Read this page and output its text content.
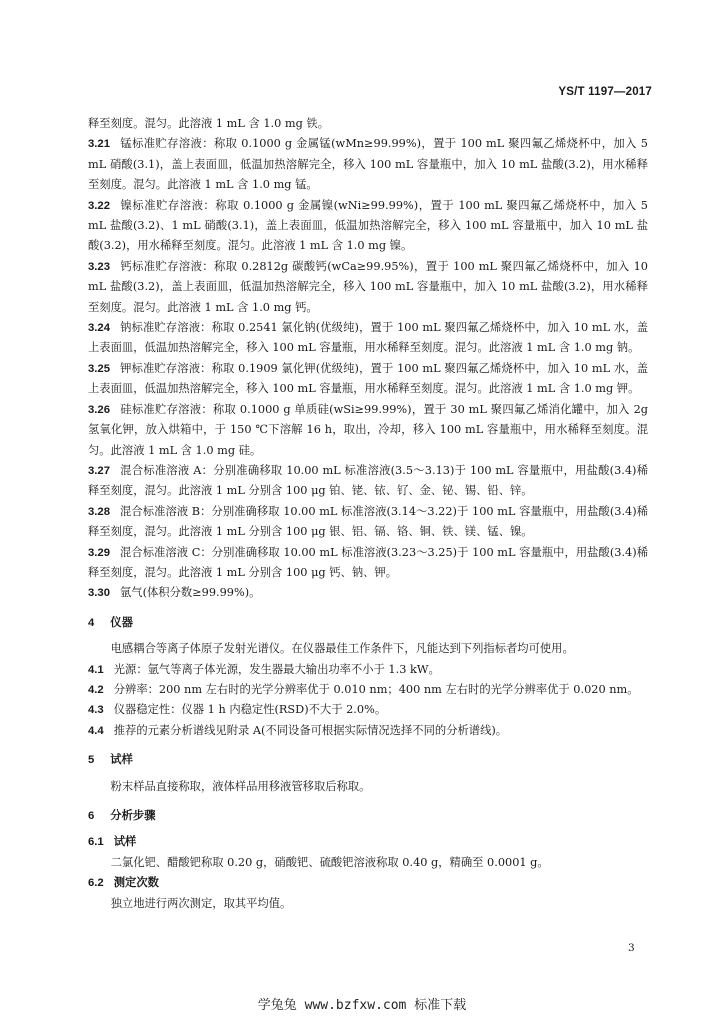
YS/T 1197—2017

释至刻度。混匀。此溶液 1 mL 含 1.0 mg 铁。

3.21 锰标准贮存溶液：称取 0.1000 g 金属锰(wMn≥99.99%)，置于 100 mL 聚四氟乙烯烧杯中，加入 5 mL 硝酸(3.1)，盖上表面皿，低温加热溶解完全，移入 100 mL 容量瓶中，加入 10 mL 盐酸(3.2)，用水稀释至刻度。混匀。此溶液 1 mL 含 1.0 mg 锰。

3.22 镍标准贮存溶液：称取 0.1000 g 金属镍(wNi≥99.99%)，置于 100 mL 聚四氟乙烯烧杯中，加入 5 mL 盐酸(3.2)、1 mL 硝酸(3.1)，盖上表面皿，低温加热溶解完全，移入 100 mL 容量瓶中，加入 10 mL 盐酸(3.2)，用水稀释至刻度。混匀。此溶液 1 mL 含 1.0 mg 镍。

3.23 钙标准贮存溶液：称取 0.2812g 碳酸钙(wCa≥99.95%)，置于 100 mL 聚四氟乙烯烧杯中，加入 10 mL 盐酸(3.2)，盖上表面皿，低温加热溶解完全，移入 100 mL 容量瓶中，加入 10 mL 盐酸(3.2)，用水稀释至刻度。混匀。此溶液 1 mL 含 1.0 mg 钙。

3.24 钠标准贮存溶液：称取 0.2541 氯化钠(优级纯)，置于 100 mL 聚四氟乙烯烧杯中，加入 10 mL 水，盖上表面皿，低温加热溶解完全，移入 100 mL 容量瓶，用水稀释至刻度。混匀。此溶液 1 mL 含 1.0 mg 钠。

3.25 钾标准贮存溶液：称取 0.1909 氯化钾(优级纯)，置于 100 mL 聚四氟乙烯烧杯中，加入 10 mL 水，盖上表面皿，低温加热溶解完全，移入 100 mL 容量瓶，用水稀释至刻度。混匀。此溶液 1 mL 含 1.0 mg 钾。

3.26 硅标准贮存溶液：称取 0.1000 g 单质硅(wSi≥99.99%)，置于 30 mL 聚四氟乙烯消化罐中，加入 2g 氢氧化钾，放入烘箱中，于 150 ℃下溶解 16 h，取出，冷却，移入 100 mL 容量瓶中，用水稀释至刻度。混匀。此溶液 1 mL 含 1.0 mg 硅。

3.27 混合标准溶液 A：分别准确移取 10.00 mL 标准溶液(3.5～3.13)于 100 mL 容量瓶中，用盐酸(3.4)稀释至刻度，混匀。此溶液 1 mL 分别含 100 μg 铂、铑、铱、钌、金、铋、锡、铅、锌。

3.28 混合标准溶液 B：分别准确移取 10.00 mL 标准溶液(3.14～3.22)于 100 mL 容量瓶中，用盐酸(3.4)稀释至刻度，混匀。此溶液 1 mL 分别含 100 μg 银、铝、镉、铬、铜、铁、镁、锰、镍。

3.29 混合标准溶液 C：分别准确移取 10.00 mL 标准溶液(3.23～3.25)于 100 mL 容量瓶中，用盐酸(3.4)稀释至刻度，混匀。此溶液 1 mL 分别含 100 μg 钙、钠、钾。

3.30 氩气(体积分数≥99.99%)。

4 仪器

电感耦合等离子体原子发射光谱仪。在仪器最佳工作条件下，凡能达到下列指标者均可使用。

4.1 光源：氩气等离子体光源，发生器最大输出功率不小于 1.3 kW。

4.2 分辨率：200 nm 左右时的光学分辨率优于 0.010 nm；400 nm 左右时的光学分辨率优于 0.020 nm。

4.3 仪器稳定性：仪器 1 h 内稳定性(RSD)不大于 2.0%。

4.4 推荐的元素分析谱线见附录 A(不同设备可根据实际情况选择不同的分析谱线)。

5 试样

粉末样品直接称取，液体样品用移液管移取后称取。

6 分析步骤

6.1 试样

二氯化钯、醋酸钯称取 0.20 g，硝酸钯、硫酸钯溶液称取 0.40 g，精确至 0.0001 g。

6.2 测定次数

独立地进行两次测定，取其平均值。

3
学兔兔 www.bzfxw.com 标准下载
